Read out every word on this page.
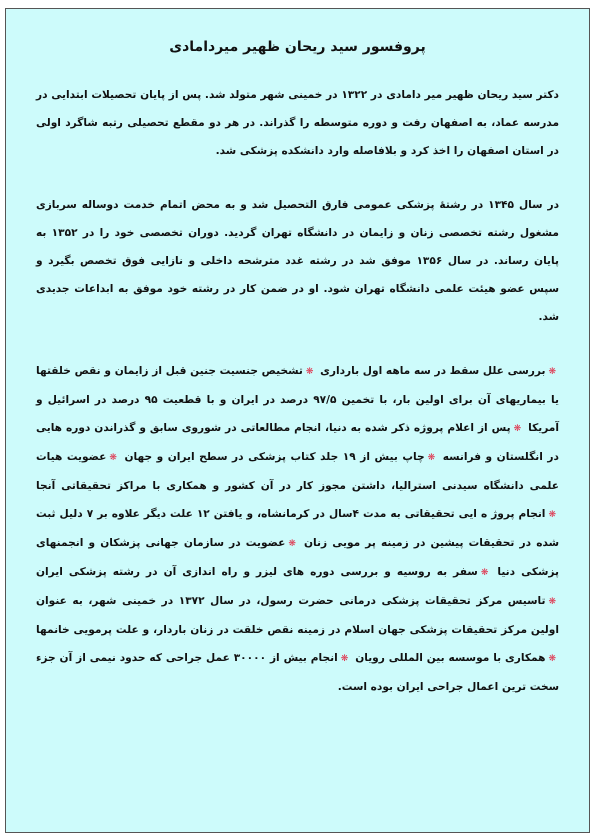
پروفسور سید ریحان ظهیر میردامادی

دکتر سید ریحان ظهیر میر دامادی در ۱۳۲۲ در خمینی شهر متولد شد. پس از پایان تحصیلات ابتدایی در مدرسه عماد، به اصفهان رفت و دوره متوسطه را گذراند. در هر دو مقطع تحصیلی رتبه شاگرد اولی در استان اصفهان را اخذ کرد و بلافاصله وارد دانشکده پزشکی شد.

در سال ۱۳۴۵ در رشتهٔ پزشکی عمومی فارق التحصیل شد و به محض اتمام خدمت دوساله سربازی مشغول رشته تخصصی زنان و زایمان در دانشگاه تهران گردید. دوران تخصصی خود را در ۱۳۵۲ به پایان رساند. در سال ۱۳۵۶ موفق شد در رشته غدد مترشحه داخلی و نازایی فوق تخصص بگیرد و سپس عضو هیئت علمی دانشگاه تهران شود. او در ضمن کار در رشته خود موفق به ابداعات جدیدی شد.

❋بررسی علل سقط در سه ماهه اول بارداری ❋تشخیص جنسیت جنین قبل از زایمان و نقص خلقتها یا بیماریهای آن برای اولین بار، با تخمین ۹۷/۵ درصد در ایران و با قطعیت ۹۵ درصد در اسرائیل و آمریکا ❋پس از اعلام پروژه ذکر شده به دنیا، انجام مطالعاتی در شوروی سابق و گذراندن دوره هایی در انگلستان و فرانسه ❋چاپ بیش از ۱۹ جلد کتاب پزشکی در سطح ایران و جهان ❋عضویت هیات علمی دانشگاه سیدنی استرالیا، داشتن مجوز کار در آن کشور و همکاری با مراکز تحقیقاتی آنجا ❋انجام پروژ ه ایی تحقیقاتی به مدت ۴سال در کرمانشاه، و یافتن ۱۲ علت دیگر علاوه بر ۷ دلیل ثبت شده در تحقیقات پیشین در زمینه پر مویی زنان ❋عضویت در سازمان جهانی پزشکان و انجمنهای پزشکی دنیا ❋سفر به روسیه و بررسی دوره های لیزر و راه اندازی آن در رشته پزشکی ایران ❋تاسیس مرکز تحقیقات پزشکی درمانی حضرت رسول، در سال ۱۳۷۲ در خمینی شهر، به عنوان اولین مرکز تحقیقات پزشکی جهان اسلام در زمینه نقص خلقت در زنان باردار، و علت پرمویی خانمها ❋همکاری با موسسه بین المللی رویان ❋انجام بیش از ۳۰۰۰۰ عمل جراحی که حدود نیمی از آن جزء سخت ترین اعمال جراحی ایران بوده است.
